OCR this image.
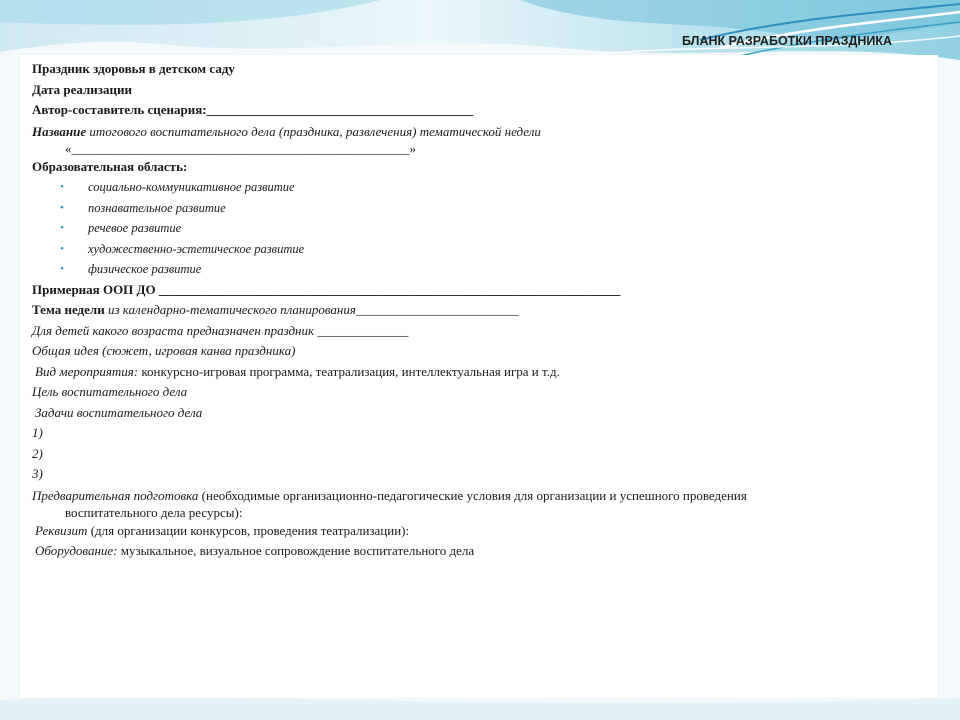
БЛАНК РАЗРАБОТКИ ПРАЗДНИКА
Праздник здоровья в детском саду
Дата реализации
Автор-составитель сценария:_________________________________________
Название итогового воспитательного дела (праздника, развлечения) тематической недели
«____________________________________________________»
Образовательная область:
• социально-коммуникативное развитие
• познавательное развитие
• речевое развитие
• художественно-эстетическое развитие
• физическое развитие
Примерная ООП ДО _______________________________________________________________________
Тема недели из календарно-тематического планирования_________________________
Для детей какого возраста предназначен праздник ______________
Общая идея (сюжет, игровая канва праздника)
Вид мероприятия: конкурсно-игровая программа, театрализация, интеллектуальная игра и т.д.
Цель воспитательного дела
Задачи воспитательного дела
1)
2)
3)
Предварительная подготовка (необходимые организационно-педагогические условия для организации и успешного проведения
воспитательного дела ресурсы):
Реквизит (для организации конкурсов, проведения театрализации):
Оборудование: музыкальное, визуальное сопровождение воспитательного дела
